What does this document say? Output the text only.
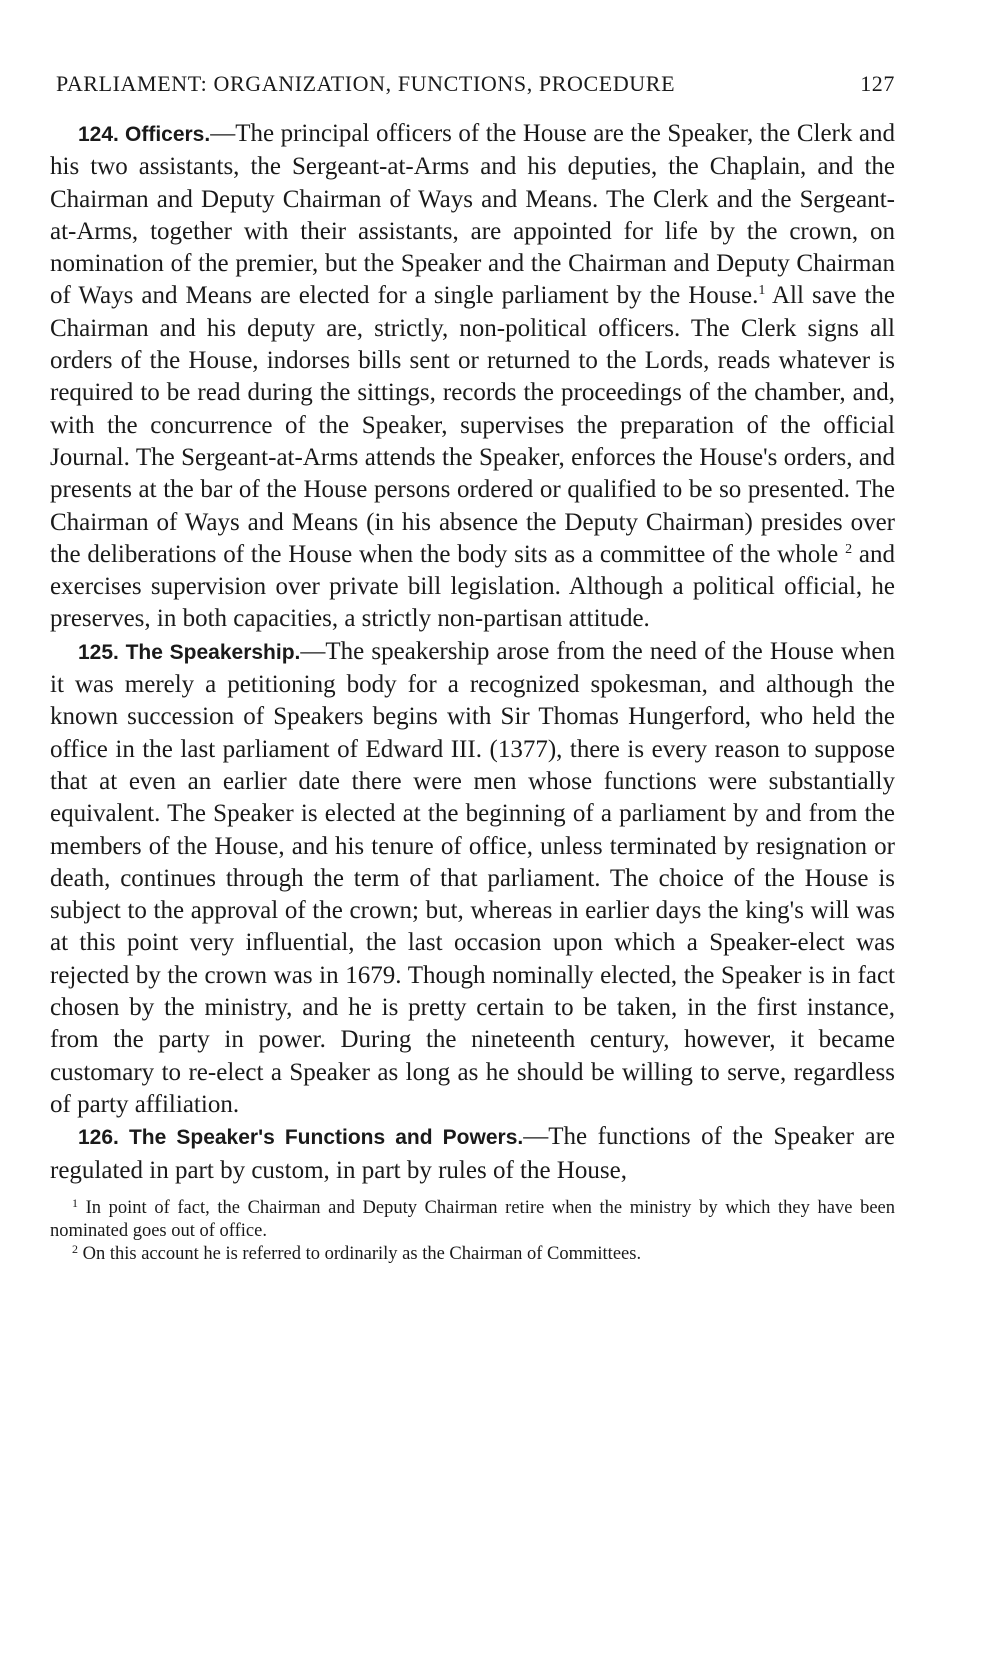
PARLIAMENT: ORGANIZATION, FUNCTIONS, PROCEDURE	127

124. Officers.—The principal officers of the House are the Speaker, the Clerk and his two assistants, the Sergeant-at-Arms and his deputies, the Chaplain, and the Chairman and Deputy Chairman of Ways and Means. The Clerk and the Sergeant-at-Arms, together with their assistants, are appointed for life by the crown, on nomination of the premier, but the Speaker and the Chairman and Deputy Chairman of Ways and Means are elected for a single parliament by the House.$^1$ All save the Chairman and his deputy are, strictly, non-political officers. The Clerk signs all orders of the House, indorses bills sent or returned to the Lords, reads whatever is required to be read during the sittings, records the proceedings of the chamber, and, with the concurrence of the Speaker, supervises the preparation of the official Journal. The Sergeant-at-Arms attends the Speaker, enforces the House's orders, and presents at the bar of the House persons ordered or qualified to be so presented. The Chairman of Ways and Means (in his absence the Deputy Chairman) presides over the deliberations of the House when the body sits as a committee of the whole $^2$ and exercises supervision over private bill legislation. Although a political official, he preserves, in both capacities, a strictly non-partisan attitude.

125. The Speakership.—The speakership arose from the need of the House when it was merely a petitioning body for a recognized spokesman, and although the known succession of Speakers begins with Sir Thomas Hungerford, who held the office in the last parliament of Edward III. (1377), there is every reason to suppose that at even an earlier date there were men whose functions were substantially equivalent. The Speaker is elected at the beginning of a parliament by and from the members of the House, and his tenure of office, unless terminated by resignation or death, continues through the term of that parliament. The choice of the House is subject to the approval of the crown; but, whereas in earlier days the king's will was at this point very influential, the last occasion upon which a Speaker-elect was rejected by the crown was in 1679. Though nominally elected, the Speaker is in fact chosen by the ministry, and he is pretty certain to be taken, in the first instance, from the party in power. During the nineteenth century, however, it became customary to re-elect a Speaker as long as he should be willing to serve, regardless of party affiliation.

126. The Speaker's Functions and Powers.—The functions of the Speaker are regulated in part by custom, in part by rules of the House,

$^1$ In point of fact, the Chairman and Deputy Chairman retire when the ministry by which they have been nominated goes out of office.

$^2$ On this account he is referred to ordinarily as the Chairman of Committees.
